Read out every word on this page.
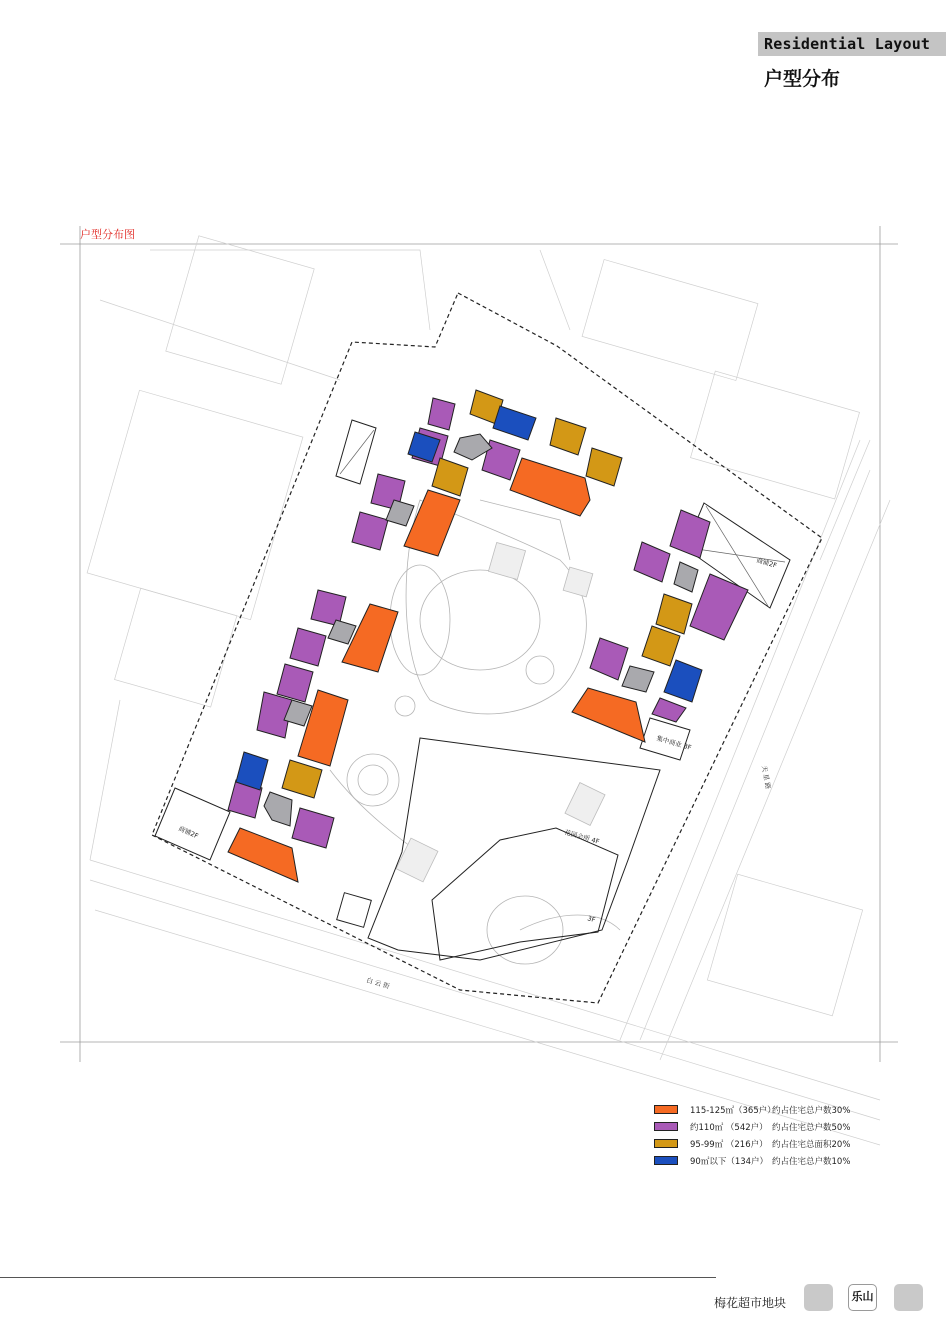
Residential Layout
户型分布
户型分布图
商铺2F
商铺2F
集中商业 3F
花园会所 4F
3F
白 云 街
天 星 路
115-125㎡（365户）
约占住宅总户数30%
约110㎡ （542户） 约占住宅总户数50%
95-99㎡ （216户） 约占住宅总面积20%
90㎡以下（134户） 约占住宅总户数10%
梅花超市地块	乐山
